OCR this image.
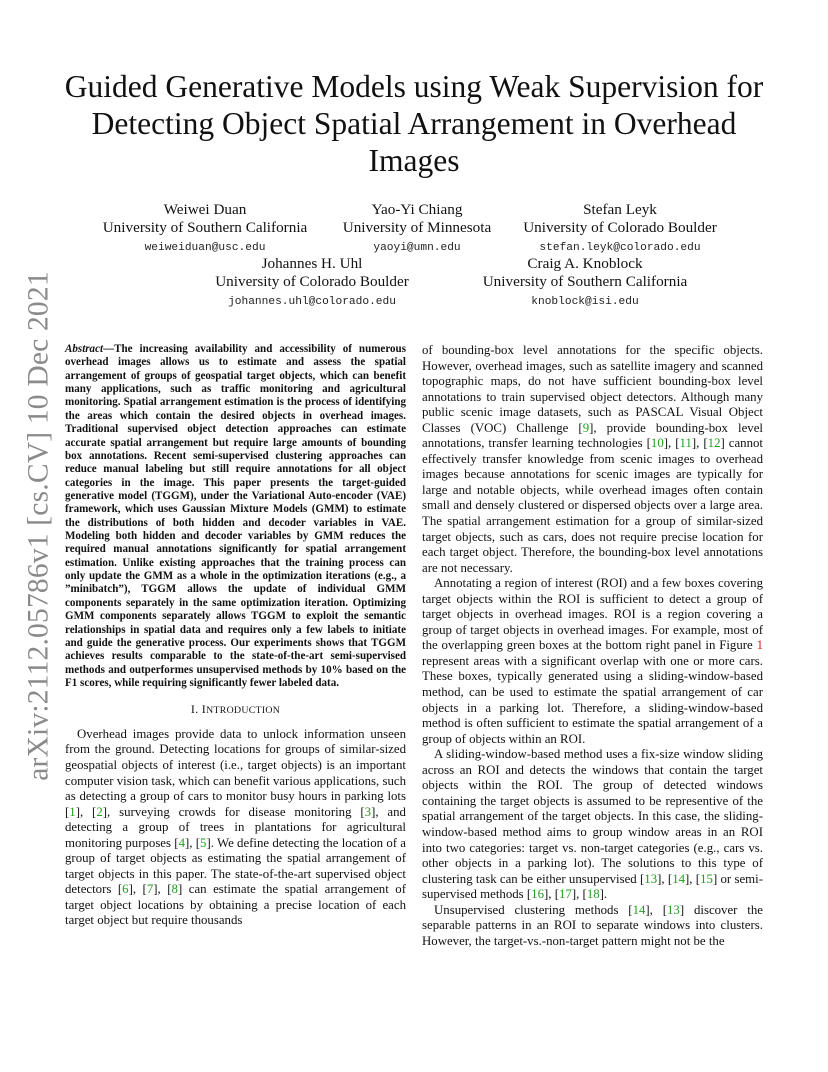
arXiv:2112.05786v1 [cs.CV] 10 Dec 2021
Guided Generative Models using Weak Supervision for Detecting Object Spatial Arrangement in Overhead Images
Weiwei Duan
University of Southern California
weiweiduan@usc.edu
Yao-Yi Chiang
University of Minnesota
yaoyi@umn.edu
Stefan Leyk
University of Colorado Boulder
stefan.leyk@colorado.edu
Johannes H. Uhl
University of Colorado Boulder
johannes.uhl@colorado.edu
Craig A. Knoblock
University of Southern California
knoblock@isi.edu

Abstract—The increasing availability and accessibility of numerous overhead images allows us to estimate and assess the spatial arrangement of groups of geospatial target objects, which can benefit many applications, such as traffic monitoring and agricultural monitoring. Spatial arrangement estimation is the process of identifying the areas which contain the desired objects in overhead images. Traditional supervised object detection approaches can estimate accurate spatial arrangement but require large amounts of bounding box annotations. Recent semi-supervised clustering approaches can reduce manual labeling but still require annotations for all object categories in the image. This paper presents the target-guided generative model (TGGM), under the Variational Auto-encoder (VAE) framework, which uses Gaussian Mixture Models (GMM) to estimate the distributions of both hidden and decoder variables in VAE. Modeling both hidden and decoder variables by GMM reduces the required manual annotations significantly for spatial arrangement estimation. Unlike existing approaches that the training process can only update the GMM as a whole in the optimization iterations (e.g., a ”minibatch”), TGGM allows the update of individual GMM components separately in the same optimization iteration. Optimizing GMM components separately allows TGGM to exploit the semantic relationships in spatial data and requires only a few labels to initiate and guide the generative process. Our experiments shows that TGGM achieves results comparable to the state-of-the-art semi-supervised methods and outperformes unsupervised methods by 10% based on the F1 scores, while requiring significantly fewer labeled data.

I. INTRODUCTION

Overhead images provide data to unlock information unseen from the ground. Detecting locations for groups of similar-sized geospatial objects of interest (i.e., target objects) is an important computer vision task, which can benefit various applications, such as detecting a group of cars to monitor busy hours in parking lots [1], [2], surveying crowds for disease monitoring [3], and detecting a group of trees in plantations for agricultural monitoring purposes [4], [5]. We define detecting the location of a group of target objects as estimating the spatial arrangement of target objects in this paper. The state-of-the-art supervised object detectors [6], [7], [8] can estimate the spatial arrangement of target object locations by obtaining a precise location of each target object but require thousands

of bounding-box level annotations for the specific objects. However, overhead images, such as satellite imagery and scanned topographic maps, do not have sufficient bounding-box level annotations to train supervised object detectors. Although many public scenic image datasets, such as PASCAL Visual Object Classes (VOC) Challenge [9], provide bounding-box level annotations, transfer learning technologies [10], [11], [12] cannot effectively transfer knowledge from scenic images to overhead images because annotations for scenic images are typically for large and notable objects, while overhead images often contain small and densely clustered or dispersed objects over a large area. The spatial arrangement estimation for a group of similar-sized target objects, such as cars, does not require precise location for each target object. Therefore, the bounding-box level annotations are not necessary.

Annotating a region of interest (ROI) and a few boxes covering target objects within the ROI is sufficient to detect a group of target objects in overhead images. ROI is a region covering a group of target objects in overhead images. For example, most of the overlapping green boxes at the bottom right panel in Figure 1 represent areas with a significant overlap with one or more cars. These boxes, typically generated using a sliding-window-based method, can be used to estimate the spatial arrangement of car objects in a parking lot. Therefore, a sliding-window-based method is often sufficient to estimate the spatial arrangement of a group of objects within an ROI.

A sliding-window-based method uses a fix-size window sliding across an ROI and detects the windows that contain the target objects within the ROI. The group of detected windows containing the target objects is assumed to be representive of the spatial arrangement of the target objects. In this case, the sliding-window-based method aims to group window areas in an ROI into two categories: target vs. non-target categories (e.g., cars vs. other objects in a parking lot). The solutions to this type of clustering task can be either unsupervised [13], [14], [15] or semi-supervised methods [16], [17], [18].

Unsupervised clustering methods [14], [13] discover the separable patterns in an ROI to separate windows into clusters. However, the target-vs.-non-target pattern might not be the
